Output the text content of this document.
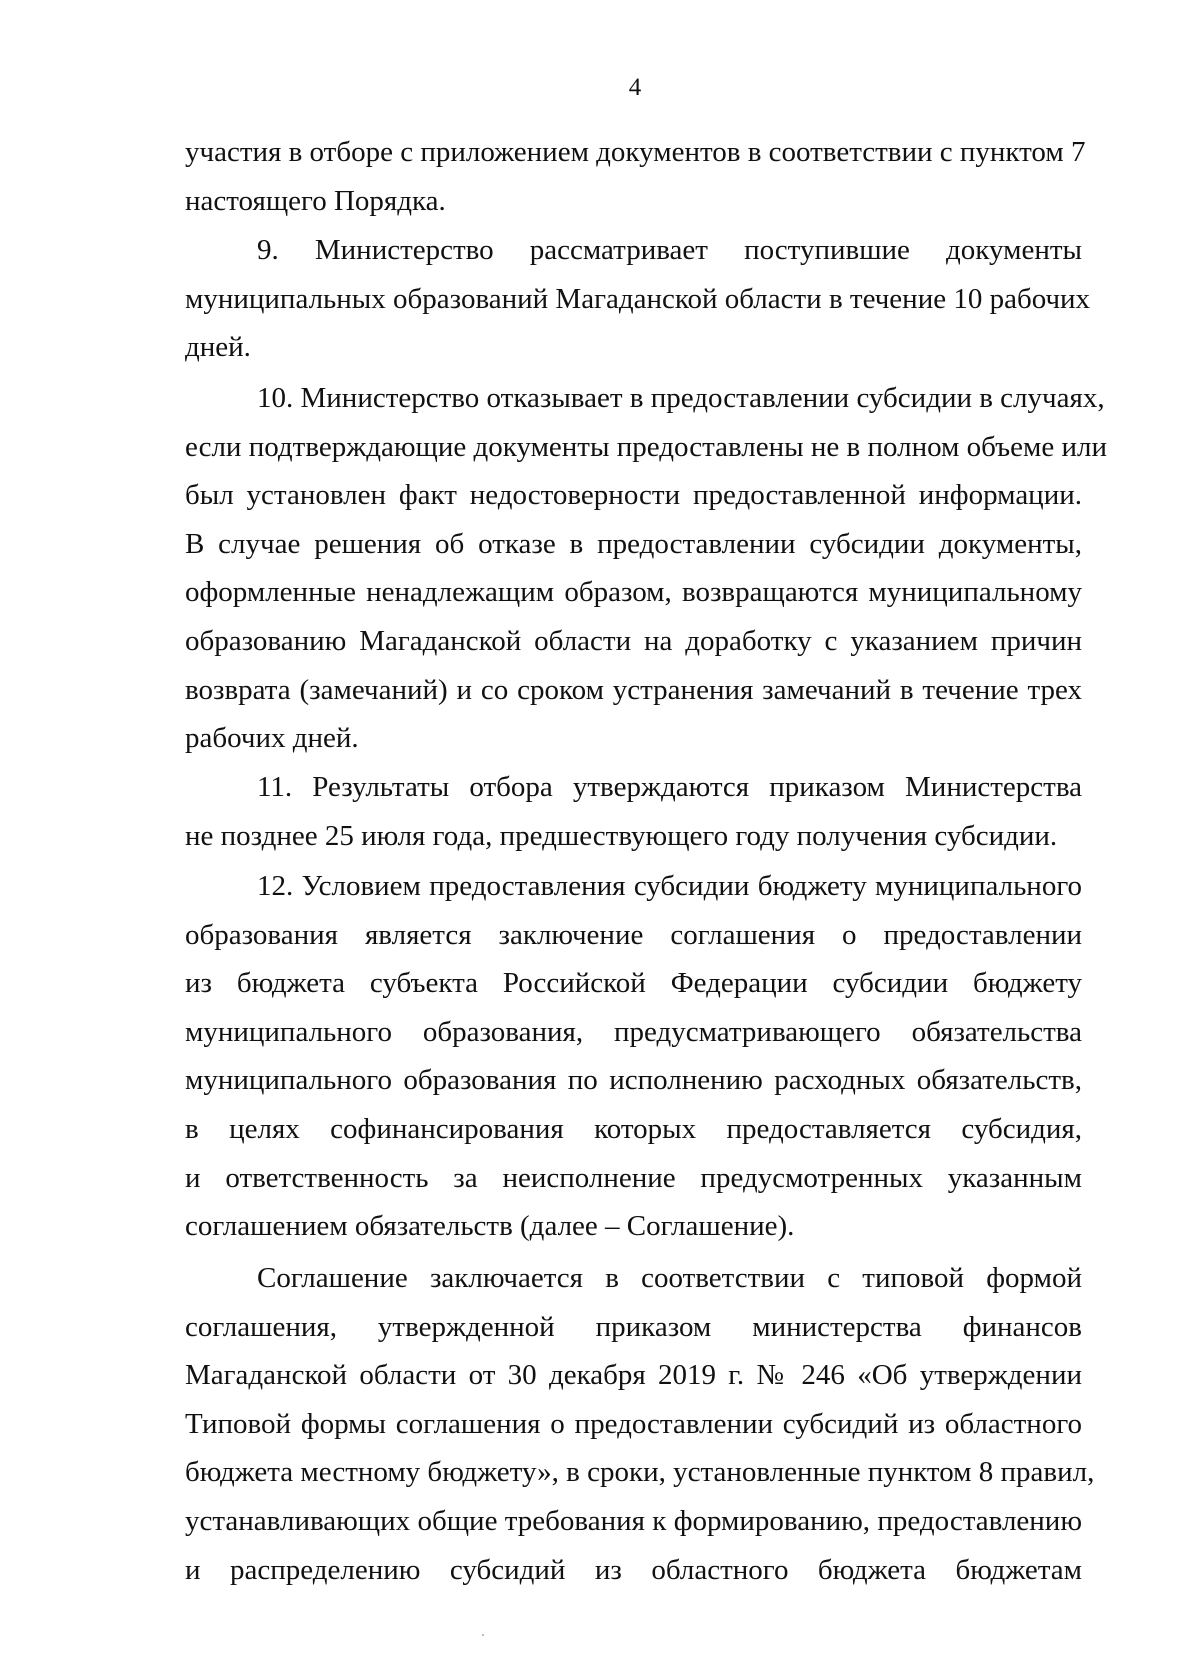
4
участия в отборе с приложением документов в соответствии с пунктом 7
настоящего Порядка.
9. Министерство рассматривает поступившие документы
муниципальных образований Магаданской области в течение 10 рабочих
дней.
10. Министерство отказывает в предоставлении субсидии в случаях,
если подтверждающие документы предоставлены не в полном объеме или
был установлен факт недостоверности предоставленной информации.
В случае решения об отказе в предоставлении субсидии документы,
оформленные ненадлежащим образом, возвращаются муниципальному
образованию Магаданской области на доработку с указанием причин
возврата (замечаний) и со сроком устранения замечаний в течение трех
рабочих дней.
11. Результаты отбора утверждаются приказом Министерства
не позднее 25 июля года, предшествующего году получения субсидии.
12. Условием предоставления субсидии бюджету муниципального
образования является заключение соглашения о предоставлении
из бюджета субъекта Российской Федерации субсидии бюджету
муниципального образования, предусматривающего обязательства
муниципального образования по исполнению расходных обязательств,
в целях софинансирования которых предоставляется субсидия,
и ответственность за неисполнение предусмотренных указанным
соглашением обязательств (далее – Соглашение).
Соглашение заключается в соответствии с типовой формой
соглашения, утвержденной приказом министерства финансов
Магаданской области от 30 декабря 2019 г. № 246 «Об утверждении
Типовой формы соглашения о предоставлении субсидий из областного
бюджета местному бюджету», в сроки, установленные пунктом 8 правил,
устанавливающих общие требования к формированию, предоставлению
и распределению субсидий из областного бюджета бюджетам
